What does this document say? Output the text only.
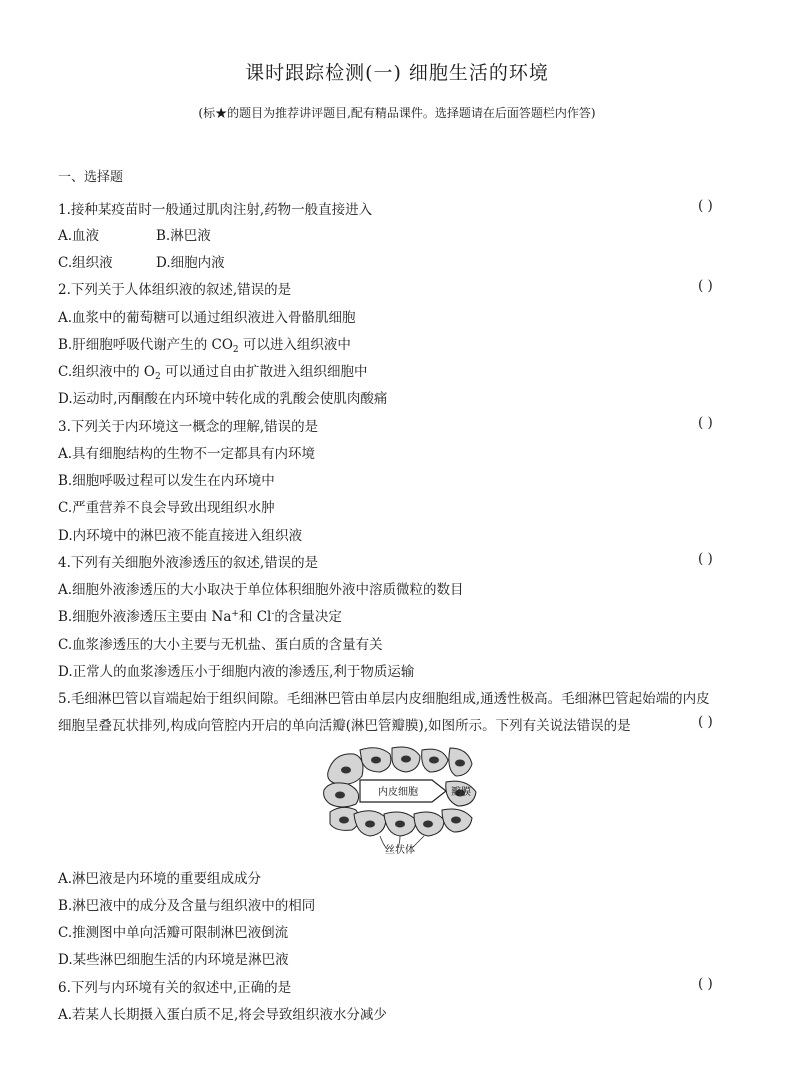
课时跟踪检测(一) 细胞生活的环境
(标★的题目为推荐讲评题目,配有精品课件。选择题请在后面答题栏内作答)
一、选择题
1.接种某疫苗时一般通过肌肉注射,药物一般直接进入	( )
A.血液	B.淋巴液
C.组织液	D.细胞内液
2.下列关于人体组织液的叙述,错误的是	( )
A.血浆中的葡萄糖可以通过组织液进入骨骼肌细胞
B.肝细胞呼吸代谢产生的 $CO_2$ 可以进入组织液中
C.组织液中的 $O_2$ 可以通过自由扩散进入组织细胞中
D.运动时,丙酮酸在内环境中转化成的乳酸会使肌肉酸痛
3.下列关于内环境这一概念的理解,错误的是	( )
A.具有细胞结构的生物不一定都具有内环境
B.细胞呼吸过程可以发生在内环境中
C.严重营养不良会导致出现组织水肿
D.内环境中的淋巴液不能直接进入组织液
4.下列有关细胞外液渗透压的叙述,错误的是	( )
A.细胞外液渗透压的大小取决于单位体积细胞外液中溶质微粒的数目
B.细胞外液渗透压主要由 Na+和 Cl-的含量决定
C.血浆渗透压的大小主要与无机盐、蛋白质的含量有关
D.正常人的血浆渗透压小于细胞内液的渗透压,利于物质运输
5.毛细淋巴管以盲端起始于组织间隙。毛细淋巴管由单层内皮细胞组成,通透性极高。毛细淋巴管起始端的内皮
细胞呈叠瓦状排列,构成向管腔内开启的单向活瓣(淋巴管瓣膜),如图所示。下列有关说法错误的是	( )
内皮细胞	瓣膜
丝状体
A.淋巴液是内环境的重要组成成分
B.淋巴液中的成分及含量与组织液中的相同
C.推测图中单向活瓣可限制淋巴液倒流
D.某些淋巴细胞生活的内环境是淋巴液
6.下列与内环境有关的叙述中,正确的是	( )
A.若某人长期摄入蛋白质不足,将会导致组织液水分减少
